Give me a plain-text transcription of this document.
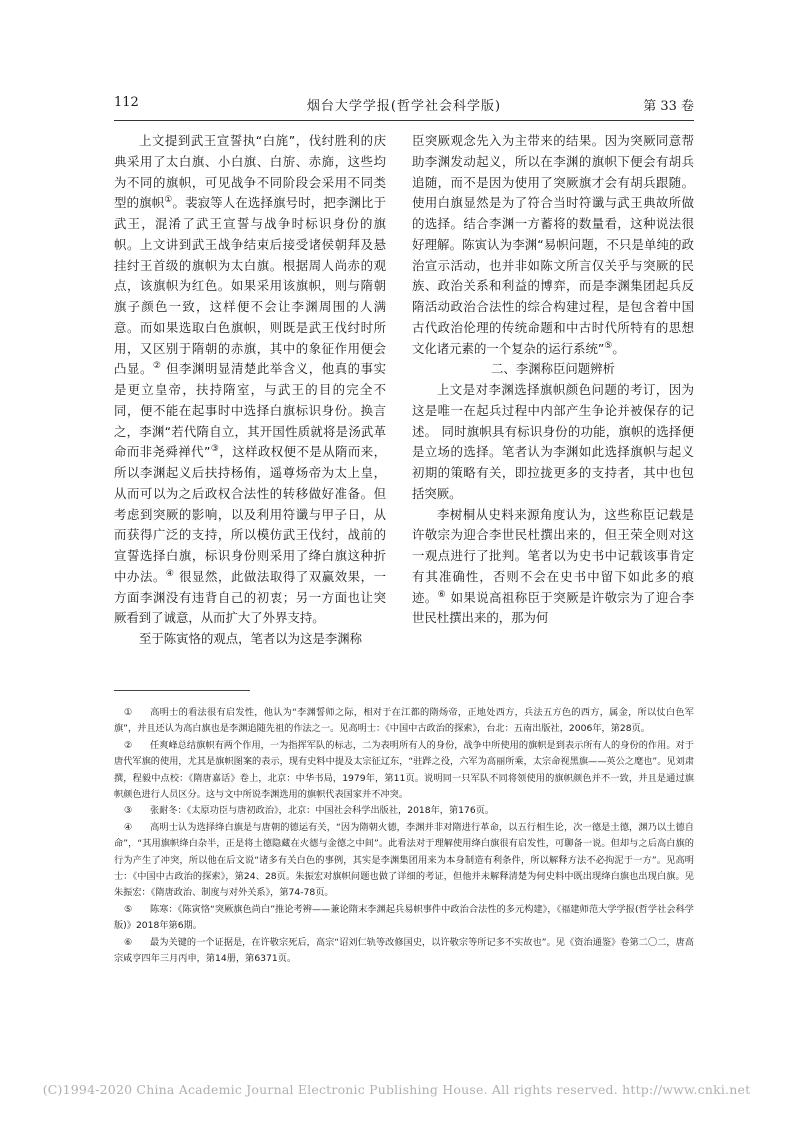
112	烟台大学学报(哲学社会科学版)	第 33 卷

上文提到武王宣誓执“白旄”，伐纣胜利的庆典采用了太白旗、小白旗、白旂、赤旆，这些均为不同的旗帜，可见战争不同阶段会采用不同类型的旗帜①。裴寂等人在选择旗号时，把李渊比于武王，混淆了武王宣誓与战争时标识身份的旗帜。上文讲到武王战争结束后接受诸侯朝拜及悬挂纣王首级的旗帜为太白旗。根据周人尚赤的观点，该旗帜为红色。如果采用该旗帜，则与隋朝旗子颜色一致，这样便不会让李渊周围的人满意。而如果选取白色旗帜，则既是武王伐纣时所用，又区别于隋朝的赤旗，其中的象征作用便会凸显。② 但李渊明显清楚此举含义，他真的事实是更立皇帝，扶持隋室，与武王的目的完全不同，便不能在起事时中选择白旗标识身份。换言之，李渊“若代隋自立，其开国性质就将是汤武革命而非尧舜禅代”③，这样政权便不是从隋而来，所以李渊起义后扶持杨侑，遥尊炀帝为太上皇，从而可以为之后政权合法性的转移做好准备。但考虑到突厥的影响，以及利用符谶与甲子日，从而获得广泛的支持，所以模仿武王伐纣，战前的宣誓选择白旗，标识身份则采用了绛白旗这种折中办法。④ 很显然，此做法取得了双赢效果，一方面李渊没有违背自己的初衷；另一方面也让突厥看到了诚意，从而扩大了外界支持。

至于陈寅恪的观点，笔者以为这是李渊称

臣突厥观念先入为主带来的结果。因为突厥同意帮助李渊发动起义，所以在李渊的旗帜下便会有胡兵追随，而不是因为使用了突厥旗才会有胡兵跟随。使用白旗显然是为了符合当时符谶与武王典故所做的选择。结合李渊一方蓄将的数量看，这种说法很好理解。陈寅认为李渊“易帜问题，不只是单纯的政治宣示活动，也并非如陈文所言仅关乎与突厥的民族、政治关系和利益的博弈，而是李渊集团起兵反隋活动政治合法性的综合构建过程，是包含着中国古代政治伦理的传统命题和中古时代所特有的思想文化诸元素的一个复杂的运行系统”⑤。

二、李渊称臣问题辨析

上文是对李渊选择旗帜颜色问题的考订，因为这是唯一在起兵过程中内部产生争论并被保存的记述。 同时旗帜具有标识身份的功能，旗帜的选择便是立场的选择。笔者认为李渊如此选择旗帜与起义初期的策略有关，即拉拢更多的支持者，其中也包括突厥。

李树桐从史料来源角度认为，这些称臣记载是许敬宗为迎合李世民杜撰出来的，但王荣全则对这一观点进行了批判。笔者以为史书中记载该事肯定有其准确性，否则不会在史书中留下如此多的痕迹。⑥ 如果说高祖称臣于突厥是许敬宗为了迎合李世民杜撰出来的，那为何

① 高明士的看法很有启发性，他认为“李渊誓师之际，相对于在江都的隋炀帝，正地处西方，兵法五方色的西方，属金，所以仗白色军旗”，并且还认为高白旗也是李渊追随先祖的作法之一。见高明士：《中国中古政治的探索》，台北：五南出版社，2006年，第28页。

② 任爽峰总结旗帜有两个作用，一为指挥军队的标志，二为表明所有人的身份，战争中所使用的旗帜是到表示所有人的身份的作用。对于唐代军旗的使用，尤其是旗帜图案的表示，现有史料中提及太宗征辽东，“驻跸之役，六军为高丽所乘，太宗命视黑旗——英公之麾也”。见刘肃撰，程毅中点校：《隋唐嘉话》卷上，北京：中华书局，1979年，第11页。说明同一只军队不同将领使用的旗帜颜色并不一致，并且是通过旗帜颜色进行人员区分。这与文中所说李渊选用的旗帜代表国家并不冲突。

③ 张耐冬：《太原功臣与唐初政治》，北京：中国社会科学出版社，2018年，第176页。

④ 高明士认为选择绛白旗是与唐朝的德运有关，“因为隋朝火德，李渊并非对隋进行革命，以五行相生论，次一德是土德，渊乃以土德自命”，“其用旗帜绛白杂半，正是将土德隐藏在火德与金德之中间”。此看法对于理解使用绛白旗很有启发性，可聊备一说。但却与之后高白旗的行为产生了冲突，所以他在后文说“诸多有关白色的事例，其实是李渊集团用来为本身制造有利条件，所以解释方法不必拘泥于一方”。见高明士：《中国中古政治的探索》，第24、28页。朱振宏对旗帜问题也做了详细的考证，但他并未解释清楚为何史料中既出现绛白旗也出现白旗。见朱振宏：《隋唐政治、制度与对外关系》，第74-78页。

⑤ 陈寒：《陈寅恪“突厥旗色尚白”推论考辨——兼论隋末李渊起兵易帜事件中政治合法性的多元构建》，《福建师范大学学报(哲学社会科学版)》2018年第6期。

⑥ 最为关键的一个证据是，在许敬宗死后，高宗“诏刘仁轨等改修国史，以许敬宗等所记多不实故也”。见《资治通鉴》卷第二〇二，唐高宗咸亨四年三月丙申，第14册，第6371页。

(C)1994-2020 China Academic Journal Electronic Publishing House. All rights reserved. http://www.cnki.net
